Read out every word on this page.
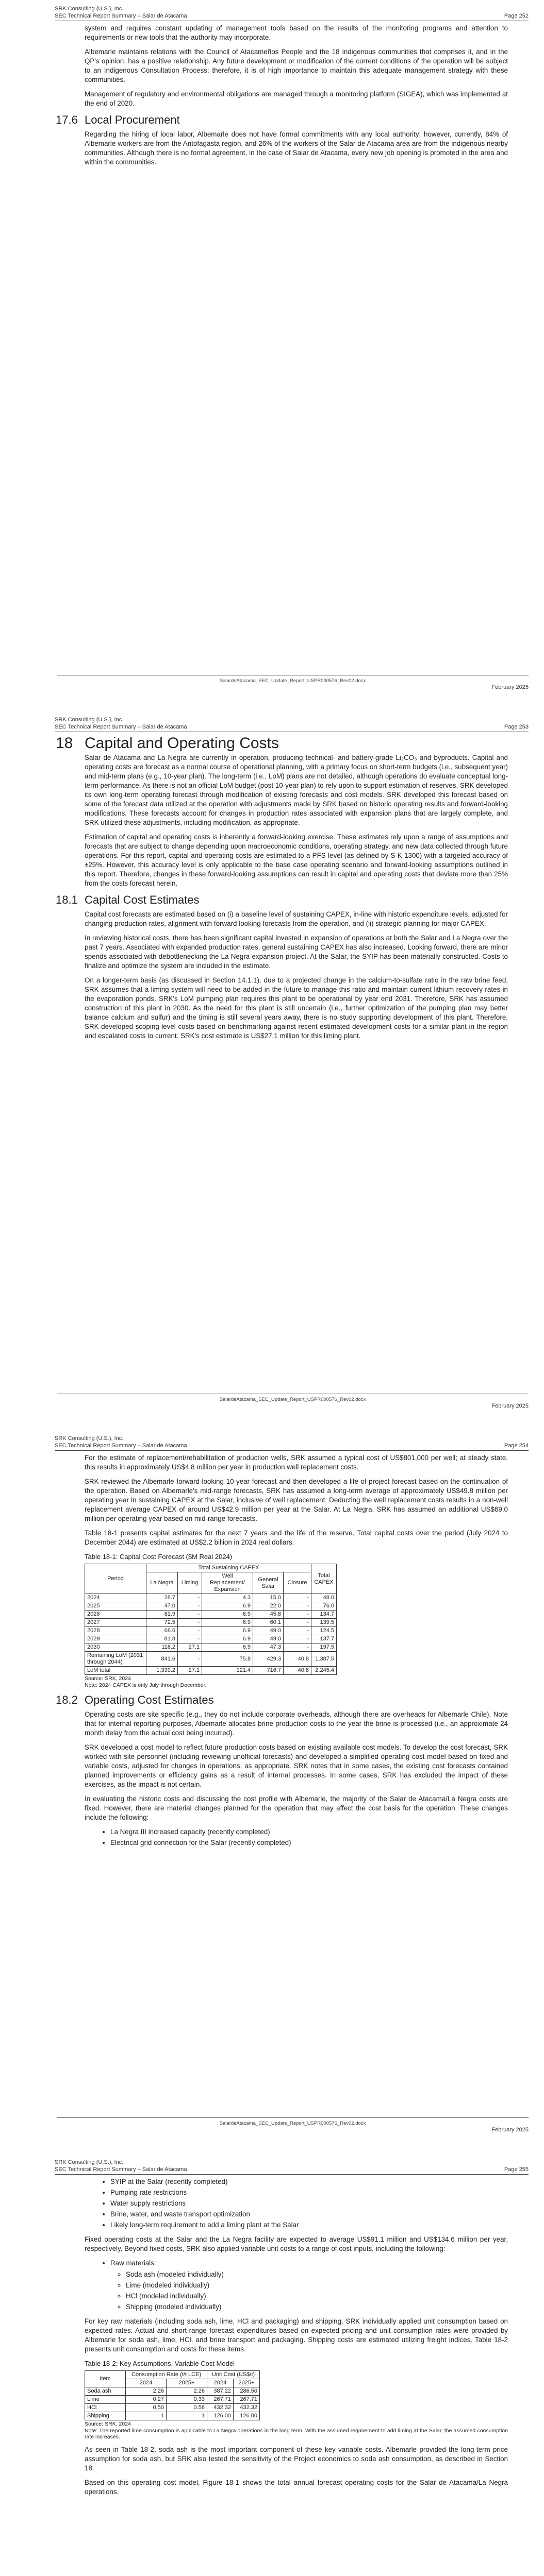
SRK Consulting (U.S.), Inc.
SEC Technical Report Summary – Salar de Atacama	Page 252

system and requires constant updating of management tools based on the results of the monitoring programs and attention to requirements or new tools that the authority may incorporate.

Albemarle maintains relations with the Council of Atacameños People and the 18 indigenous communities that comprises it, and in the QP's opinion, has a positive relationship. Any future development or modification of the current conditions of the operation will be subject to an Indigenous Consultation Process; therefore, it is of high importance to maintain this adequate management strategy with these communities.

Management of regulatory and environmental obligations are managed through a monitoring platform (SIGEA), which was implemented at the end of 2020.

17.6 Local Procurement

Regarding the hiring of local labor, Albemarle does not have formal commitments with any local authority; however, currently, 84% of Albemarle workers are from the Antofagasta region, and 26% of the workers of the Salar de Atacama area are from the indigenous nearby communities. Although there is no formal agreement, in the case of Salar de Atacama, every new job opening is promoted in the area and within the communities.

SalardeAtacama_SEC_Update_Report_USPR000576_Rev02.docx
February 2025
SRK Consulting (U.S.), Inc.
SEC Technical Report Summary – Salar de Atacama	Page 253
18 Capital and Operating Costs

Salar de Atacama and La Negra are currently in operation, producing technical- and battery-grade Li₂CO₃ and byproducts. Capital and operating costs are forecast as a normal course of operational planning, with a primary focus on short-term budgets (i.e., subsequent year) and mid-term plans (e.g., 10-year plan). The long-term (i.e., LoM) plans are not detailed, although operations do evaluate conceptual long-term performance. As there is not an official LoM budget (post 10-year plan) to rely upon to support estimation of reserves, SRK developed its own long-term operating forecast through modification of existing forecasts and cost models. SRK developed this forecast based on some of the forecast data utilized at the operation with adjustments made by SRK based on historic operating results and forward-looking modifications. These forecasts account for changes in production rates associated with expansion plans that are largely complete, and SRK utilized these adjustments, including modification, as appropriate.

Estimation of capital and operating costs is inherently a forward-looking exercise. These estimates rely upon a range of assumptions and forecasts that are subject to change depending upon macroeconomic conditions, operating strategy, and new data collected through future operations. For this report, capital and operating costs are estimated to a PFS level (as defined by S-K 1300) with a targeted accuracy of ±25%. However, this accuracy level is only applicable to the base case operating scenario and forward-looking assumptions outlined in this report. Therefore, changes in these forward-looking assumptions can result in capital and operating costs that deviate more than 25% from the costs forecast herein.

18.1 Capital Cost Estimates

Capital cost forecasts are estimated based on (i) a baseline level of sustaining CAPEX, in-line with historic expenditure levels, adjusted for changing production rates, alignment with forward looking forecasts from the operation, and (ii) strategic planning for major CAPEX.

In reviewing historical costs, there has been significant capital invested in expansion of operations at both the Salar and La Negra over the past 7 years. Associated with expanded production rates, general sustaining CAPEX has also increased. Looking forward, there are minor spends associated with debottlenecking the La Negra expansion project. At the Salar, the SYIP has been materially constructed. Costs to finalize and optimize the system are included in the estimate.

On a longer-term basis (as discussed in Section 14.1.1), due to a projected change in the calcium-to-sulfate ratio in the raw brine feed, SRK assumes that a liming system will need to be added in the future to manage this ratio and maintain current lithium recovery rates in the evaporation ponds. SRK's LoM pumping plan requires this plant to be operational by year end 2031. Therefore, SRK has assumed construction of this plant in 2030. As the need for this plant is still uncertain (i.e., further optimization of the pumping plan may better balance calcium and sulfur) and the timing is still several years away, there is no study supporting development of this plant. Therefore, SRK developed scoping-level costs based on benchmarking against recent estimated development costs for a similar plant in the region and escalated costs to current. SRK's cost estimate is US$27.1 million for this liming plant.

SalardeAtacama_SEC_Update_Report_USPR000576_Rev02.docx
February 2025
SRK Consulting (U.S.), Inc.
SEC Technical Report Summary – Salar de Atacama	Page 254

For the estimate of replacement/rehabilitation of production wells, SRK assumed a typical cost of US$801,000 per well; at steady state, this results in approximately US$4.8 million per year in production well replacement costs.

SRK reviewed the Albemarle forward-looking 10-year forecast and then developed a life-of-project forecast based on the continuation of the operation. Based on Albemarle's mid-range forecasts, SRK has assumed a long-term average of approximately US$49.8 million per operating year in sustaining CAPEX at the Salar, inclusive of well replacement. Deducting the well replacement costs results in a non-well replacement average CAPEX of around US$42.9 million per year at the Salar. At La Negra, SRK has assumed an additional US$69.0 million per operating year based on mid-range forecasts.

Table 18-1 presents capital estimates for the next 7 years and the life of the reserve. Total capital costs over the period (July 2024 to December 2044) are estimated at US$2.2 billion in 2024 real dollars.

Table 18-1: Capital Cost Forecast ($M Real 2024)
Period	Total Sustaining CAPEX					Total CAPEX
	La Negra	Liming	Well Replacement/ Expansion	General Salar	Closure	
2024	28.7	-	4.3	15.0	-	48.0
2025	47.0	-	6.9	22.0	-	76.0
2026	81.9	-	6.9	45.8	-	134.7
2027	72.5	-	6.9	60.1	-	139.5
2028	68.6	-	6.9	49.0	-	124.5
2029	81.8	-	6.9	49.0	-	137.7
2030	116.2	27.1	6.9	47.3	-	197.5
Remaining LoM (2031 through 2044)	841.6	-	75.8	429.3	40.8	1,387.5
LoM total	1,339.2	27.1	121.4	716.7	40.8	2,245.4
Source: SRK, 2024
Note: 2024 CAPEX is only July through December.
18.2 Operating Cost Estimates

Operating costs are site specific (e.g., they do not include corporate overheads, although there are overheads for Albemarle Chile). Note that for internal reporting purposes, Albemarle allocates brine production costs to the year the brine is processed (i.e., an approximate 24 month delay from the actual cost being incurred).

SRK developed a cost model to reflect future production costs based on existing available cost models. To develop the cost forecast, SRK worked with site personnel (including reviewing unofficial forecasts) and developed a simplified operating cost model based on fixed and variable costs, adjusted for changes in operations, as appropriate. SRK notes that in some cases, the existing cost forecasts contained planned improvements or efficiency gains as a result of internal processes. In some cases, SRK has excluded the impact of these exercises, as the impact is not certain.

In evaluating the historic costs and discussing the cost profile with Albemarle, the majority of the Salar de Atacama/La Negra costs are fixed. However, there are material changes planned for the operation that may affect the cost basis for the operation. These changes include the following:

• La Negra III increased capacity (recently completed)
• Electrical grid connection for the Salar (recently completed)
SalardeAtacama_SEC_Update_Report_USPR000576_Rev02.docx
February 2025
SRK Consulting (U.S.), Inc.
SEC Technical Report Summary – Salar de Atacama	Page 255
• SYIP at the Salar (recently completed)
• Pumping rate restrictions
• Water supply restrictions
• Brine, water, and waste transport optimization
• Likely long-term requirement to add a liming plant at the Salar

Fixed operating costs at the Salar and the La Negra facility are expected to average US$91.1 million and US$134.6 million per year, respectively. Beyond fixed costs, SRK also applied variable unit costs to a range of cost inputs, including the following:

• Raw materials:
◦ Soda ash (modeled individually)
◦ Lime (modeled individually)
◦ HCl (modeled individually)
◦ Shipping (modeled individually)

For key raw materials (including soda ash, lime, HCl and packaging) and shipping, SRK individually applied unit consumption based on expected rates. Actual and short-range forecast expenditures based on expected pricing and unit consumption rates were provided by Albemarle for soda ash, lime, HCl, and brine transport and packaging. Shipping costs are estimated utilizing freight indices. Table 18-2 presents unit consumption and costs for these items.

Table 18-2: Key Assumptions, Variable Cost Model
Item	Consumption Rate (t/t LCE)		Unit Cost (US$/t)	
	2024	2025+	2024	2025+
Soda ash	2.26	2.26	387.22	286.50
Lime	0.27	0.33	267.71	267.71
HCl	0.50	0.56	432.32	432.32
Shipping	1	1	126.00	126.00
Source: SRK, 2024
Note: The reported lime consumption is applicable to La Negra operations in the long term. With the assumed requirement to add liming at the Salar, the assumed consumption rate increases.

As seen in Table 18-2, soda ash is the most important component of these key variable costs. Albemarle provided the long-term price assumption for soda ash, but SRK also tested the sensitivity of the Project economics to soda ash consumption, as described in Section 18.

Based on this operating cost model, Figure 18-1 shows the total annual forecast operating costs for the Salar de Atacama/La Negra operations.
